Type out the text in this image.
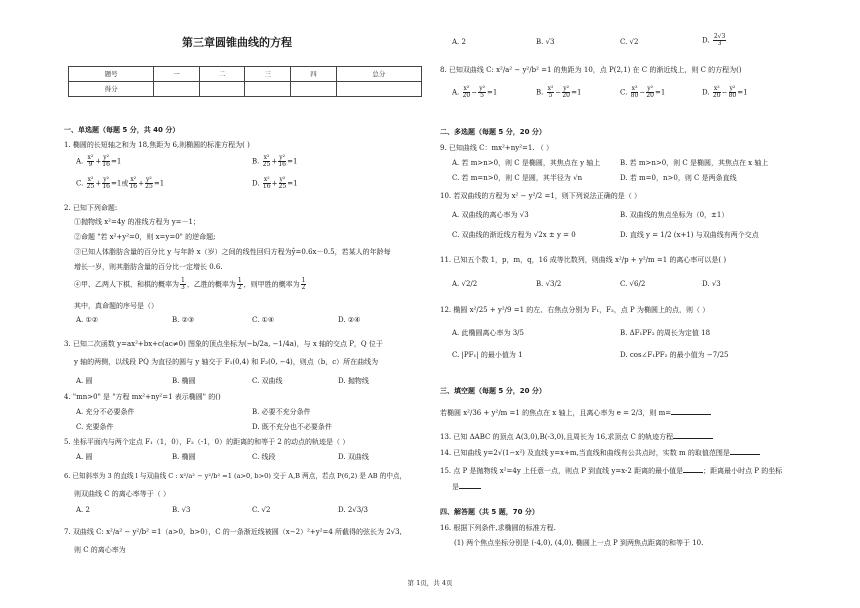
第三章圆锥曲线的方程
题号	一	二	三	四	总分
得分					
一、单选题（每题 5 分，共 40 分）
1. 椭圆的长短轴之和为 18,焦距为 6,则椭圆的标准方程为( )
A. $\frac{\text{x²}}{9} + \frac{\text{y²}}{16} =1$	B. $\frac{\text{x²}}{25} + \frac{\text{y²}}{16} =1$
C. $\frac{\text{x²}}{25} + \frac{\text{y²}}{16} =1$或 $\frac{\text{x²}}{16} + \frac{\text{y²}}{25} =1$	D. $\frac{\text{x²}}{16} + \frac{\text{y²}}{25} =1$
2. 已知下列命题:
①抛物线 x²=4y 的准线方程为 y=－1；
②命题 "若 x²+y²=0，则 x=y=0" 的逆命题;
③已知人体脂肪含量的百分比 y 与年龄 x（岁）之间的线性回归方程为ŷ=0.6x－0.5，若某人的年龄每
增长一岁，则其脂肪含量的百分比一定增长 0.6.
④甲、乙两人下棋，和棋的概率为 $\frac{1}{3}$ ，乙胜的概率为 $\frac{1}{2}$ ，则甲胜的概率为 $\frac{1}{2}$
其中，真命题的序号是（）
A. ①②	B. ②③	C. ①④	D. ②④
3. 已知二次函数 y=ax²+bx+c(ac≠0) 图象的顶点坐标为(−b/2a, −1/4a)，与 x 轴的交点 P，Q 位于
y 轴的两侧，以线段 PQ 为直径的圆与 y 轴交于 F₁(0,4) 和 F₂(0, −4)，则点（b，c）所在曲线为
A. 圆	B. 椭圆	C. 双曲线	D. 抛物线
4. "mn>0" 是 "方程 mx²+ny²=1 表示椭圆" 的()
A. 充分不必要条件	B. 必要不充分条件
C. 充要条件	D. 既不充分也不必要条件
5. 坐标平面内与两个定点 F₁（1，0），F₂（-1，0）的距离的和等于 2 的动点的轨迹是（ ）
A. 圆	B. 椭圆	C. 线段	D. 双曲线
6. 已知斜率为 3 的直线 l 与双曲线 C : x²/a² − y²/b² =1 (a>0, b>0) 交于 A,B 两点，若点 P(6,2) 是 AB 的中点，
则双曲线 C 的离心率等于（ ）
A. 2	B. √3	C. √2	D. 2√3/3
7. 双曲线 C: x²/a² − y²/b² =1（a>0，b>0），C 的一条渐近线被圆（x−2）²+y²=4 所截得的弦长为 2√3,
则 C 的离心率为
A. 2	B. √3	C. √2	D. $\frac{2√3}{3}$
8. 已知双曲线 C: x²/a² − y²/b² =1 的焦距为 10，点 P(2,1) 在 C 的渐近线上，则 C 的方程为()
A. $\frac{\text{x²}}{20} - \frac{\text{y²}}{5} =1$	B. $\frac{\text{x²}}{5} - \frac{\text{y²}}{20} =1$	C. $\frac{\text{x²}}{80} - \frac{\text{y²}}{20} =1$	D. $\frac{\text{x²}}{20} - \frac{\text{y²}}{80} =1$
二、多选题（每题 5 分，20 分）
9. 已知曲线 C：mx²+ny²=1. （ ）
A. 若 m>n>0，则 C 是椭圆，其焦点在 y 轴上	B. 若 m>n>0，则 C 是椭圆，其焦点在 x 轴上
C. 若 m=n>0，则 C 是圆，其半径为 √n	D. 若 m=0，n>0，则 C 是两条直线
10. 若双曲线的方程为 x² − y²/2 =1，则下列说法正确的是（ ）
A. 双曲线的离心率为 √3	B. 双曲线的焦点坐标为（0，±1）
C. 双曲线的渐近线方程为 √2x ± y = 0	D. 直线 y = 1/2 (x+1) 与双曲线有两个交点
11. 已知五个数 1，p，m，q，16 成等比数列，则曲线 x²/p + y²/m =1 的离心率可以是( )
A. √2/2	B. √3/2	C. √6/2	D. √3
12. 椭圆 x²/25 + y²/9 =1 的左、右焦点分别为 F₁，F₂，点 P 为椭圆上的点，则（ ）
A. 此椭圆离心率为 3/5	B. ΔF₁PF₂ 的周长为定值 18
C. |PF₁| 的最小值为 1	D. cos∠F₁PF₂ 的最小值为 −7/25
三、填空题（每题 5 分，20 分）
若椭圆 x²/36 + y²/m =1 的焦点在 x 轴上，且离心率为 e = 2/3，则 m=
13. 已知 ΔABC 的顶点 A(3,0),B(-3,0),且周长为 16,求顶点 C 的轨迹方程
14. 已知曲线 y=2√(1−x²) 及直线 y=x+m,当直线和曲线有公共点时，实数 m 的取值范围是
15. 点 P 是抛物线 x²=4y 上任意一点，则点 P 到直线 y=x-2 距离的最小值是	；距离最小时点 P 的坐标
是
四、解答题（共 5 题，70 分）
16. 根据下列条件,求椭圆的标准方程.
(1) 两个焦点坐标分别是 (-4,0), (4,0), 椭圆上一点 P 到两焦点距离的和等于 10.
第 1页，共 4页
